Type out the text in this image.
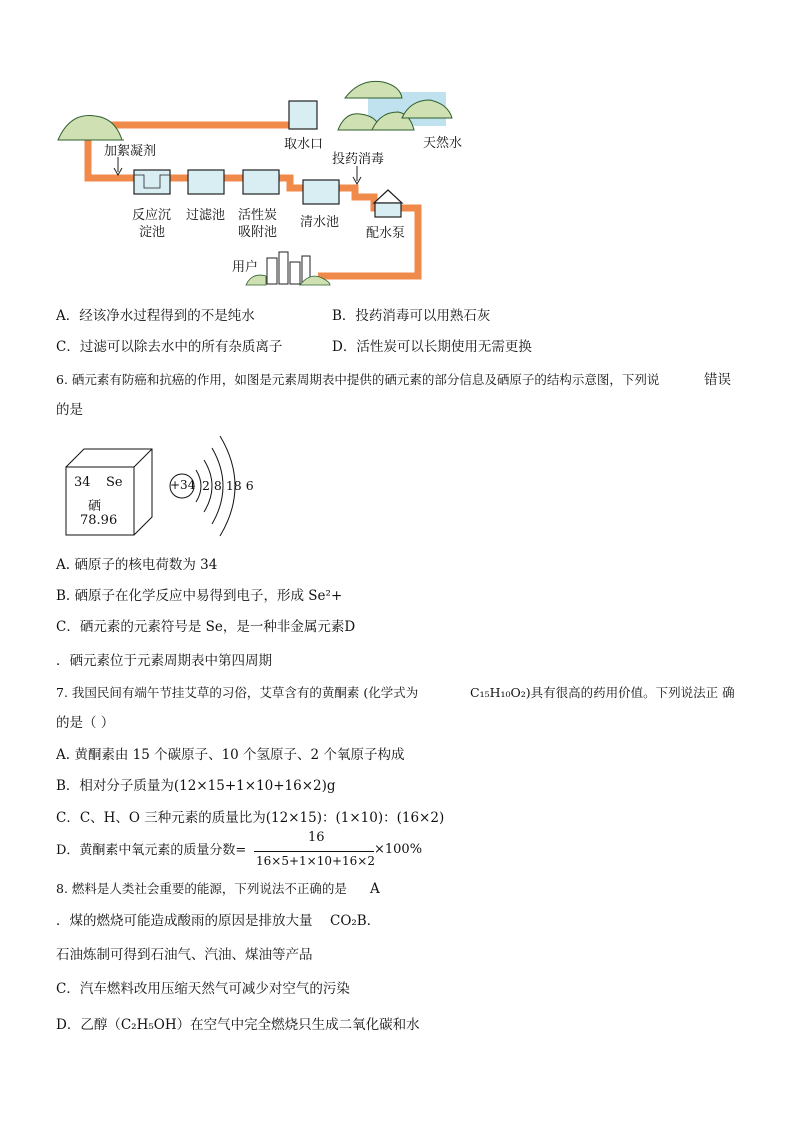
取水口	天然水
加絮凝剂
投药消毒
反应沉
淀池
过滤池 活性炭
吸附池
清水池
配水泵
用户
A．经该净水过程得到的不是纯水	B．投药消毒可以用熟石灰
C．过滤可以除去水中的所有杂质离子	D．活性炭可以长期使用无需更换
6. 硒元素有防癌和抗癌的作用，如图是元素周期表中提供的硒元素的部分信息及硒原子的结构示意图，下列说	错误
的是
34 Se
硒
78.96
+34 2 8 18 6
A. 硒原子的核电荷数为 34
B. 硒原子在化学反应中易得到电子，形成 Se²+
C．硒元素的元素符号是 Se，是一种非金属元素D
．硒元素位于元素周期表中第四周期
7. 我国民间有端午节挂艾草的习俗，艾草含有的黄酮素 (化学式为	C₁₅H₁₀O₂)具有很高的药用价值。下列说法正 确
的是（ ）
A. 黄酮素由 15 个碳原子、10 个氢原子、2 个氧原子构成
B．相对分子质量为(12×15+1×10+16×2)g
C．C、H、O 三种元素的质量比为(12×15)：(1×10)：(16×2)
D．黄酮素中氧元素的质量分数=
16
16×5+1×10+16×2
×100%
8. 燃料是人类社会重要的能源，下列说法不正确的是 A
．煤的燃烧可能造成酸雨的原因是排放大量 CO₂B．
石油炼制可得到石油气、汽油、煤油等产品
C．汽车燃料改用压缩天然气可减少对空气的污染
D．乙醇（C₂H₅OH）在空气中完全燃烧只生成二氧化碳和水
